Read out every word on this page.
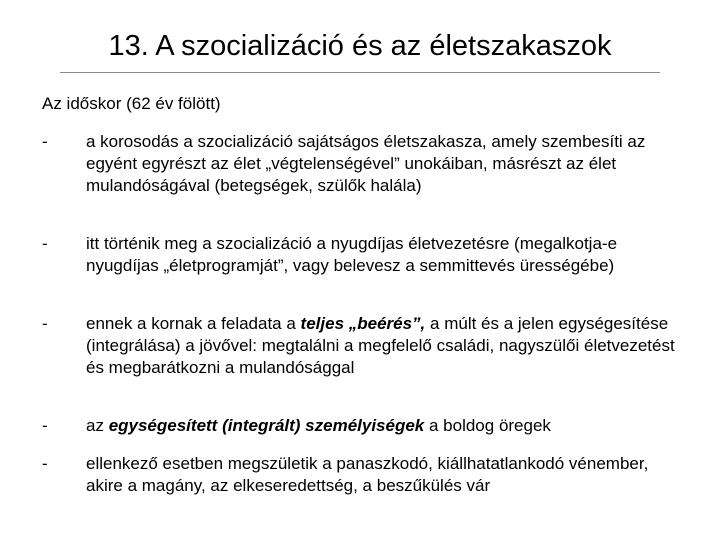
13. A szocializáció és az életszakaszok

Az időskor (62 év fölött)

- a korosodás a szocializáció sajátságos életszakasza, amely szembesíti az egyént egyrészt az élet „végtelenségével” unokáiban, másrészt az élet mulandóságával (betegségek, szülők halála)
- itt történik meg a szocializáció a nyugdíjas életvezetésre (megalkotja-e nyugdíjas „életprogramját”, vagy belevesz a semmittevés ürességébe)
- ennek a kornak a feladata a teljes „beérés”, a múlt és a jelen egységesítése (integrálása) a jövővel: megtalálni a megfelelő családi, nagyszülői életvezetést és megbarátkozni a mulandósággal
- az egységesített (integrált) személyiségek a boldog öregek
- ellenkező esetben megszületik a panaszkodó, kiállhatatlankodó vénember, akire a magány, az elkeseredettség, a beszűkülés vár
